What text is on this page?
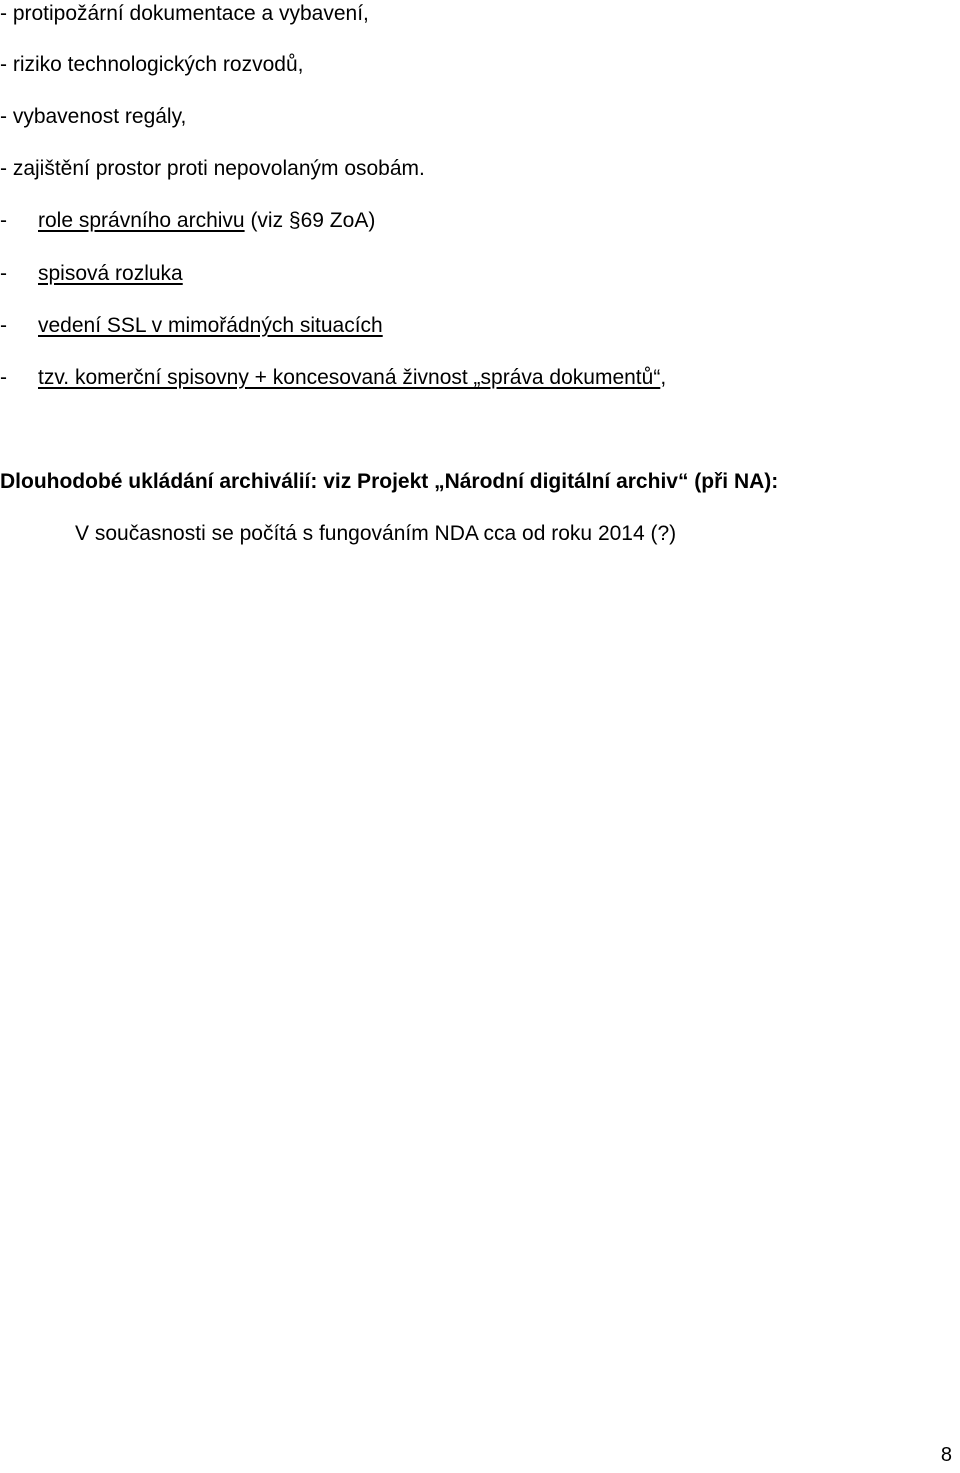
- protipožární dokumentace a vybavení,
- riziko technologických rozvodů,
- vybavenost regály,
- zajištění prostor proti nepovolaným osobám.
- role správního archivu (viz §69 ZoA)
- spisová rozluka
- vedení SSL v mimořádných situacích
- tzv. komerční spisovny + koncesovaná živnost „správa dokumentů“,
Dlouhodobé ukládání archiválií: viz Projekt „Národní digitální archiv“ (při NA):
V současnosti se počítá s fungováním NDA cca od roku 2014 (?)
8
